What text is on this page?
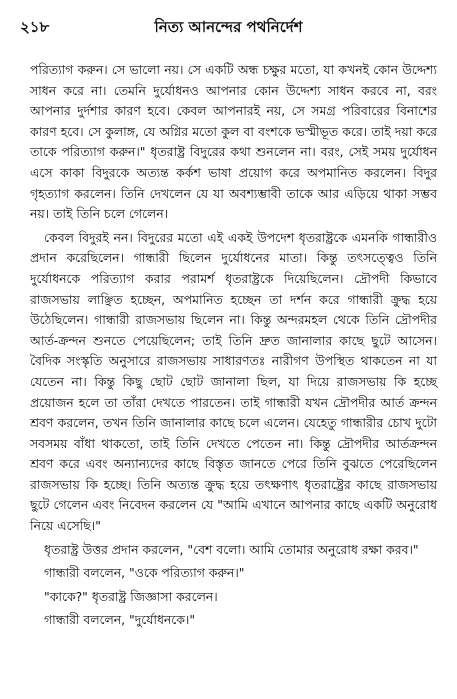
২১৮	নিত্য আনন্দের পথনির্দেশ

পরিত্যাগ করুন। সে ভালো নয়। সে একটি অন্ধ চক্ষুর মতো, যা কখনই কোন উদ্দেশ্য সাধন করে না। তেমনি দুর্যোধনও আপনার কোন উদ্দেশ্য সাধন করবে না, বরং আপনার দুর্দশার কারণ হবে। কেবল আপনারই নয়, সে সমগ্র পরিবারের বিনাশের কারণ হবে। সে কুলাঙ্গ, যে অগ্নির মতো কুল বা বংশকে ভস্মীভূত করে। তাই দয়া করে তাকে পরিত্যাগ করুন।" ধৃতরাষ্ট্র বিদুরের কথা শুনলেন না। বরং, সেই সময় দুর্যোধন এসে কাকা বিদুরকে অত্যন্ত কর্কশ ভাষা প্রয়োগ করে অপমানিত করলেন। বিদুর গৃহত্যাগ করলেন। তিনি দেখলেন যে যা অবশ্যম্ভাবী তাকে আর এড়িয়ে থাকা সম্ভব নয়। তাই তিনি চলে গেলেন।

কেবল বিদুরই নন। বিদুরের মতো এই একই উপদেশ ধৃতরাষ্ট্রকে এমনকি গান্ধারীও প্রদান করেছিলেন। গান্ধারী ছিলেন দুর্যোধনের মাতা। কিন্তু তৎসত্ত্বেও তিনি দুর্যোধনকে পরিত্যাগ করার পরামর্শ ধৃতরাষ্ট্রকে দিয়েছিলেন। দ্রৌপদী কিভাবে রাজসভায় লাঞ্ছিত হচ্ছেন, অপমানিত হচ্ছেন তা দর্শন করে গান্ধারী ক্রুদ্ধ হয়ে উঠেছিলেন। গান্ধারী রাজসভায় ছিলেন না। কিন্তু অন্দরমহল থেকে তিনি দ্রৌপদীর আর্ত-ক্রন্দন শুনতে পেয়েছিলেন; তাই তিনি দ্রুত জানালার কাছে ছুটে আসেন। বৈদিক সংস্কৃতি অনুসারে রাজসভায় সাধারণতঃ নারীগণ উপস্থিত থাকতেন না যা যেতেন না। কিন্তু কিছু ছোট ছোট জানালা ছিল, যা দিয়ে রাজসভায় কি হচ্ছে প্রয়োজন হলে তা তাঁরা দেখতে পারতেন। তাই গান্ধারী যখন দ্রৌপদীর আর্ত ক্রন্দন শ্রবণ করলেন, তখন তিনি জানালার কাছে চলে এলেন। যেহেতু গান্ধারীর চোখ দুটো সবসময় বাঁধা থাকতো, তাই তিনি দেখতে পেতেন না। কিন্তু দ্রৌপদীর আর্তক্রন্দন শ্রবণ করে এবং অন্যান্যদের কাছে বিস্তৃত জানতে পেরে তিনি বুঝতে পেরেছিলেন রাজসভায় কি হচ্ছে। তিনি অত্যন্ত ক্রুদ্ধ হয়ে তৎক্ষণাৎ ধৃতরাষ্ট্রের কাছে রাজসভায় ছুটে গেলেন এবং নিবেদন করলেন যে "আমি এখানে আপনার কাছে একটি অনুরোধ নিয়ে এসেছি।"

ধৃতরাষ্ট্র উত্তর প্রদান করলেন, "বেশ বলো। আমি তোমার অনুরোধ রক্ষা করব।"

গান্ধারী বললেন, "ওকে পরিত্যাগ করুন।"

"কাকে?" ধৃতরাষ্ট্র জিজ্ঞাসা করলেন।

গান্ধারী বললেন, "দুর্যোধনকে।"
